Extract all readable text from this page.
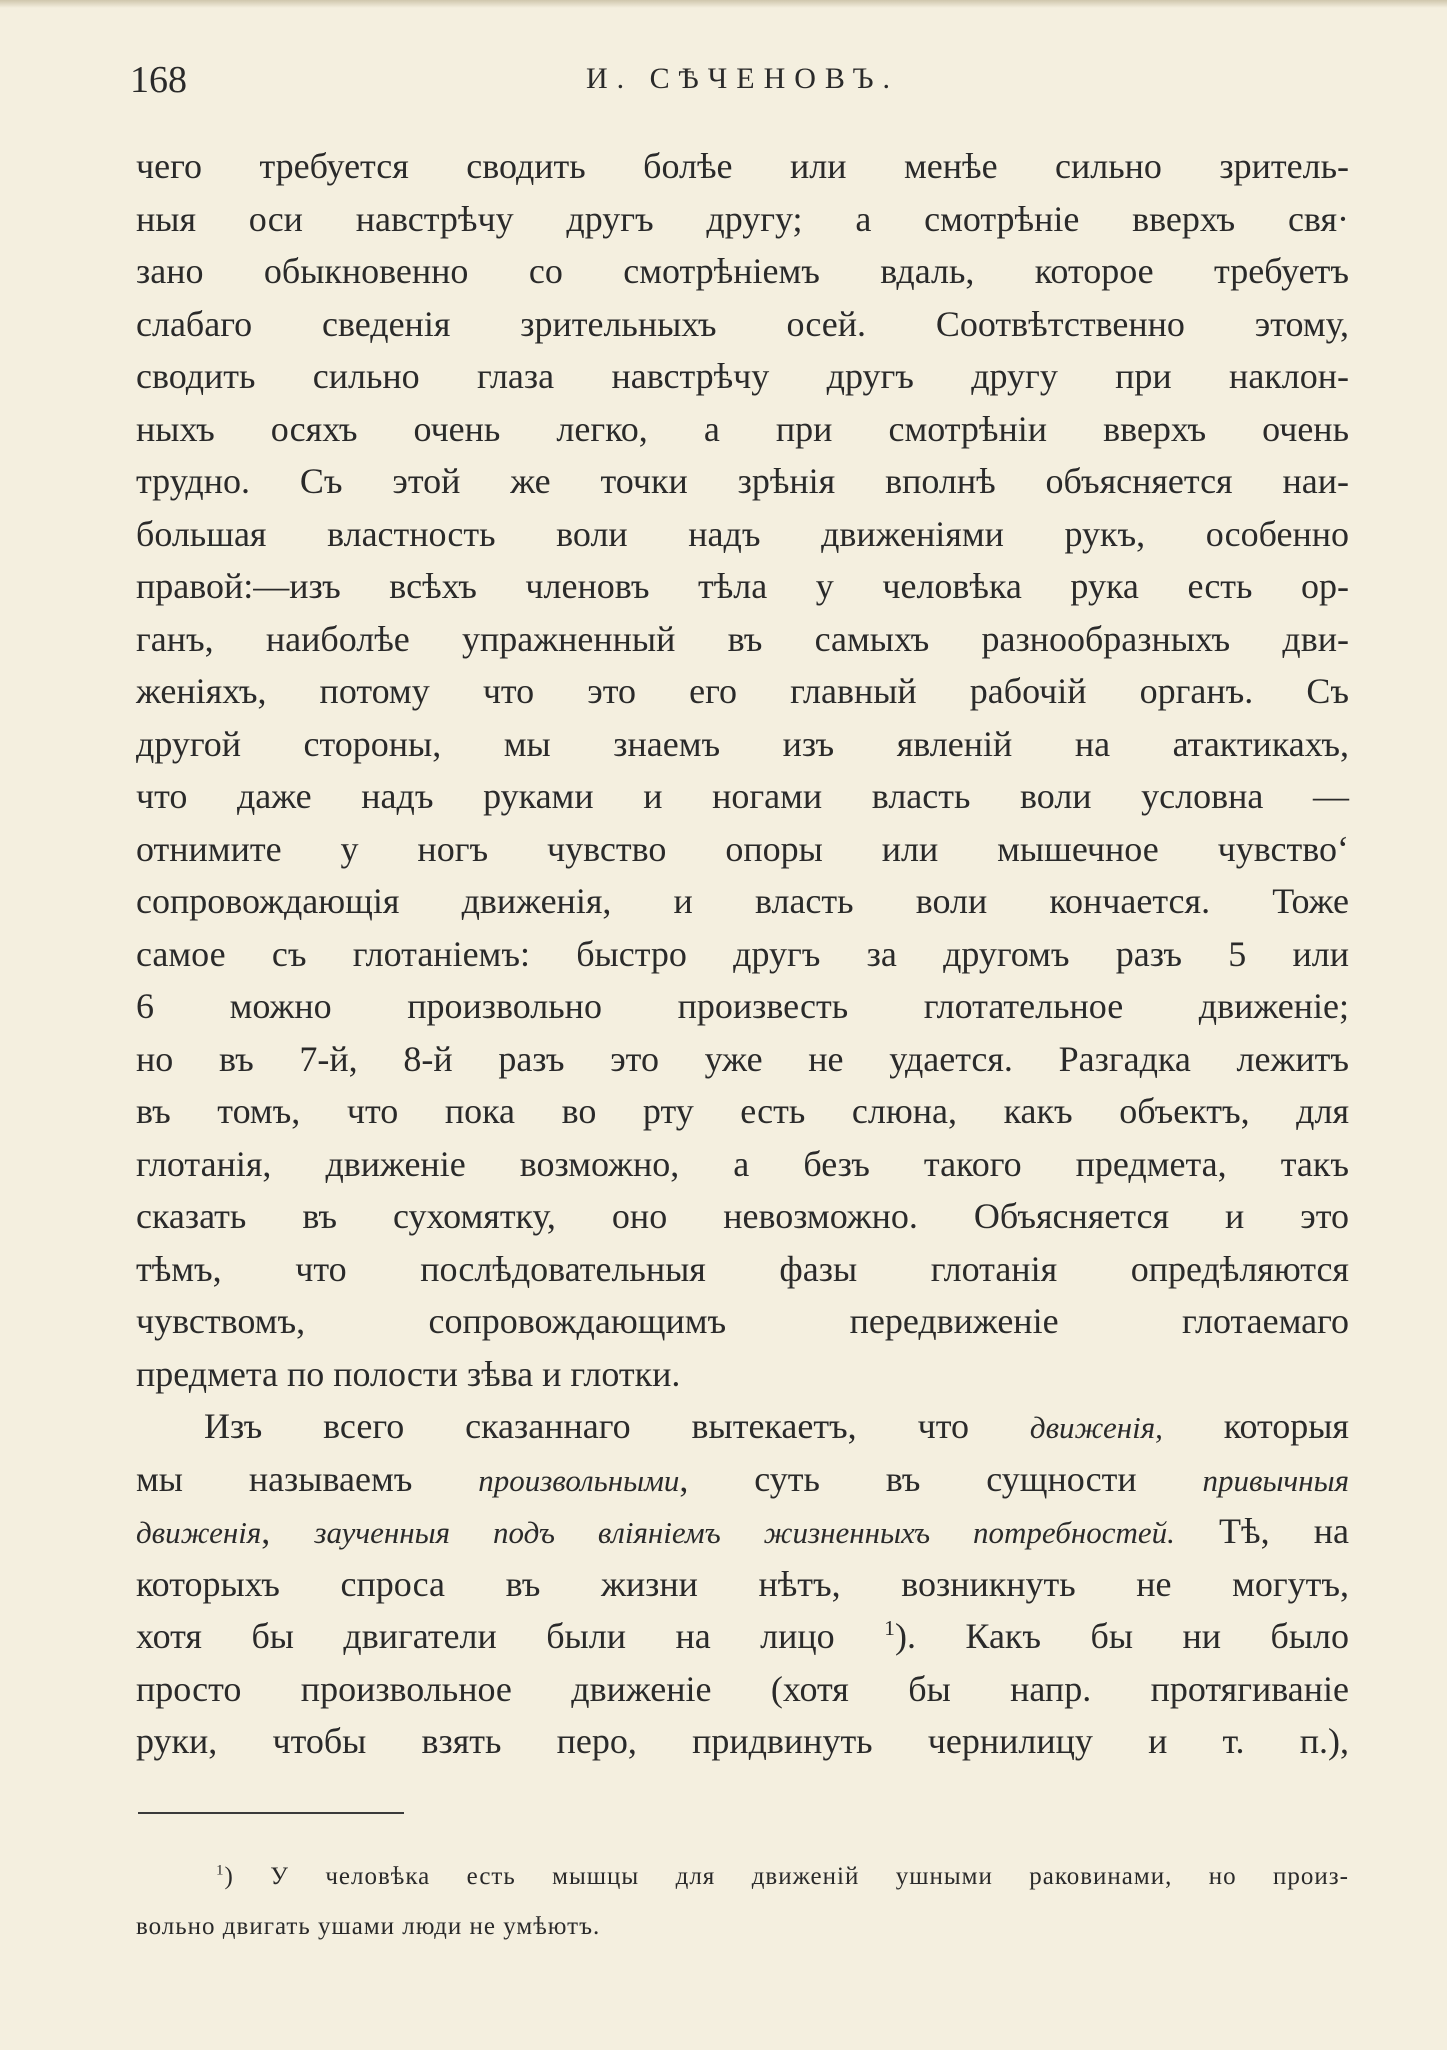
168	И. СѢЧЕНОВЪ.
чего требуется сводить болѣе или менѣе сильно зритель-
ныя оси навстрѣчу другъ другу; а смотрѣніе вверхъ свя·
зано обыкновенно со смотрѣніемъ вдаль, которое требуетъ
слабаго сведенія зрительныхъ осей. Соотвѣтственно этому,
сводить сильно глаза навстрѣчу другъ другу при наклон-
ныхъ осяхъ очень легко, а при смотрѣніи вверхъ очень
трудно. Съ этой же точки зрѣнія вполнѣ объясняется наи-
большая властность воли надъ движеніями рукъ, особенно
правой:—изъ всѣхъ членовъ тѣла у человѣка рука есть ор-
ганъ, наиболѣе упражненный въ самыхъ разнообразныхъ дви-
женіяхъ, потому что это его главный рабочій органъ. Съ
другой стороны, мы знаемъ изъ явленій на атактикахъ,
что даже надъ руками и ногами власть воли условна —
отнимите у ногъ чувство опоры или мышечное чувство‘
сопровождающія движенія, и власть воли кончается. Тоже
самое съ глотаніемъ: быстро другъ за другомъ разъ 5 или
6 можно произвольно произвесть глотательное движеніе;
но въ 7-й, 8-й разъ это уже не удается. Разгадка лежитъ
въ томъ, что пока во рту есть слюна, какъ объектъ, для
глотанія, движеніе возможно, а безъ такого предмета, такъ
сказать въ сухомятку, оно невозможно. Объясняется и это
тѣмъ, что послѣдовательныя фазы глотанія опредѣляются
чувствомъ, сопровождающимъ передвиженіе глотаемаго
предмета по полости зѣва и глотки.
Изъ всего сказаннаго вытекаетъ, что движенія, которыя
мы называемъ произвольными, суть въ сущности привычныя
движенія, заученныя подъ вліяніемъ жизненныхъ потребностей. Тѣ, на
которыхъ спроса въ жизни нѣтъ, возникнуть не могутъ,
хотя бы двигатели были на лицо $^1$). Какъ бы ни было
просто произвольное движеніе (хотя бы напр. протягиваніе
руки, чтобы взять перо, придвинуть чернилицу и т. п.),
$^1$) У человѣка есть мышцы для движеній ушными раковинами, но произ-
вольно двигать ушами люди не умѣютъ.
